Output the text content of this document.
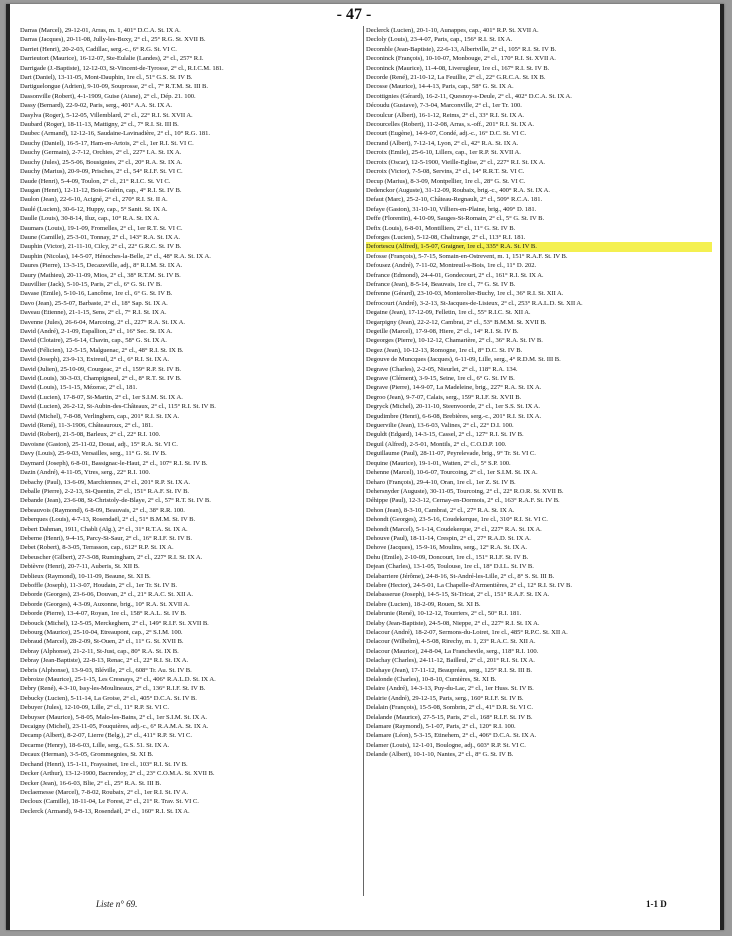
- 47 -
Darras (Marcel), 29-12-01, Arras, m. 1, 401° D.C.A. St. IX A.
Darras (Jacques), 20-11-08, Jully-les-Buxy, 2° cl., 25° R.G. St. XVII B.
Darriet (Henri), 20-2-03, Cadillac, serg.-c., 6° R.G. St. VI C.
Darrieutort (Maurice), 16-12-07, Ste-Eulalie (Landes), 2° cl., 257° R.I.
Darrigade (J.-Baptiste), 12-12-03, St-Vincent-de-Tyrosse, 2° cl., R.I.C.M. 181.
Dart (Daniel), 13-11-05, Mont-Dauphin, 1re cl., 51° G.S. St. IV B.
Dartiguelongue (Adrien), 9-10-09, Souprosse, 2° cl., 7° R.T.M. St. III B.
Dassonville (Robert), 4-1-1909, Guise (Aisne), 2° cl., Dép. 21. 100.
Dassy (Bernard), 22-9-02, Paris, serg., 401° A.A. St. IX A.
Dasylva (Roger), 5-12-05, Villemblard, 2° cl., 22° R.I. St. XVII A.
Daubard (Roger), 18-11-13, Mattigny, 2° cl., 7° R.I. St. III B.
Daubec (Armand), 12-12-16, Saudaine-Lavinadière, 2° cl., 10° R.G. 181.
Dauchy (Daniel), 16-5-17, Ham-en-Artois, 2° cl., 1er R.I. St. VI C.
Dauchy (Germain), 2-7-12, Orchies, 2° cl., 227° I.A. St. IX A.
Dauchy (Jules), 25-5-06, Bousignies, 2° cl., 20° R.A. St. IX A.
Dauchy (Marius), 20-9-09, Prisches, 2° cl., 54° R.I.F. St. VI C.
Daude (Henri), 5-4-09, Toulon, 2° cl., 21° R.I.C. St. VI C.
Daugan (Henri), 12-11-12, Bois-Guérin, cap., 4° R.I. St. IV B.
Daulon (Jean), 22-6-10, Acigné, 2° cl., 270° R.I. St. II A.
Daulé (Lucien), 30-6-12, Huppy, cap., 5° Sanit. St. IX A.
Daulle (Louis), 30-8-14, Iluz, cap., 10° R.A. St. IX A.
Daumars (Louis), 19-1-09, Fromelles, 2° cl., 1er R.T. St. VI C.
Daune (Camille), 25-3-01, Tonnay, 2° cl., 143° R.A. St. IX A.
Dauphin (Victor), 21-11-10, Cilcy, 2° cl., 22° G.R.C. St. IV B.
Dauphin (Nicolas), 14-5-07, Hénoches-la-Belle, 2° cl., 48° R.A. St. IX A.
Daures (Pierre), 13-3-15, Decazeville, adj., 8° R.I.M. St. IX A.
Daury (Mathieu), 20-11-09, Mios, 2° cl., 38° R.T.M. St. IV B.
Dauvillier (Jack), 5-10-15, Paris, 2° cl., 6° G. St. IV B.
Davase (Emile), 5-10-16, Lancôme, 1re cl., 6° G. St. IV B.
Davo (Jean), 25-5-07, Barbaste, 2° cl., 18° Sap. St. IX A.
Daveau (Etienne), 21-1-15, Sens, 2° cl., 7° R.I. St. IX A.
Davenne (Jules), 26-6-04, Marcoing, 2° cl., 227° R.A. St. IX A.
David (André), 2-1-09, Espallion, 2° cl., 16° Sec. St. IX A.
David (Clotaire), 25-6-14, Chavin, cap., 58° G. St. IX A.
David (Félicien), 12-5-15, Malguenac, 2° cl., 48° R.I. St. IX B.
David (Joseph), 23-9-13, Exireuil, 2° cl., 6° R.I. St. IX A.
David (Julien), 25-10-09, Courgeac, 2° cl., 159° R.P. St. IV B.
David (Louis), 30-3-03, Champigneul, 2° cl., 8° R.T. St. IV B.
David (Louis), 15-1-15, Mézerac, 2° cl., 181.
David (Lucien), 17-8-07, St-Martin, 2° cl., 1er S.I.M. St. IX A.
David (Lucien), 26-2-12, St-Aubin-des-Châteaux, 2° cl., 115° R.I. St. IV B.
David (Michel), 7-8-08, Verlinghem, cap., 201° R.I. St. IX A.
David (René), 11-3-1906, Châteauroux, 2° cl., 181.
David (Robert), 21-5-08, Barleux, 2° cl., 22° R.I. 100.
Davoisne (Gaston), 25-11-02, Douai, adj., 15° R.A. St. VI C.
Davy (Louis), 25-9-03, Versailles, serg., 11° G. St. IV B.
Daymard (Joseph), 6-8-01, Bassignac-le-Haut, 2° cl., 107° R.I. St. IV B.
Dazin (André), 4-11-05, Ytres, serg., 22° R.I. 100.
Debachy (Paul), 13-6-09, Marchiennes, 2° cl., 201° R.P. St. IX A.
Deballe (Pierre), 2-2-13, St-Quentin, 2° cl., 151° R.A.F. St. IV B.
Debande (Jean), 23-6-08, St-Christoly-de-Blaye, 2° cl., 57° R.T. St. IV B.
Debeauvois (Raymond), 6-8-09, Beauvais, 2° cl., 38° R.R. 100.
Deberques (Louis), 4-7-13, Rosendaël, 2° cl., 51° B.M.M. St. IV B.
Debert Dahman, 1911, Chabli (Alg.), 2° cl., 31° R.T.A. St. IX A.
Deberne (Henri), 9-4-15, Parcy-St-Saur, 2° cl., 16° R.I.F. St. IV B.
Debet (Robert), 8-3-05, Terrasson, cap., 612° R.P. St. IX A.
Debeuscher (Gilbert), 27-3-08, Rumingham, 2° cl., 227° R.I. St. IX A.
Debièvre (Henri), 20-7-11, Auberis, St. XII B.
Deblieux (Raymond), 10-11-09, Beaune, St. XI B.
Deboffle (Joseph), 11-3-07, Houdain, 2° cl., 1er Tr. St. IV B.
Deborde (Georges), 23-6-06, Douvan, 2° cl., 21° R.A.C. St. XII A.
Deborde (Georges), 4-3-09, Auxonne, brig., 10° R.A. St. XVII A.
Deborde (Pierre), 13-4-07, Royan, 1re cl., 158° R.A.L. St. IV B.
Debouck (Michel), 12-5-05, Merckeghem, 2° cl., 149° R.I.F. St. XVII B.
Debourg (Maurice), 25-10-04, Etreaupont, cap., 2° S.I.M. 100.
Debraud (Marcel), 28-2-09, St-Ouen, 2° cl., 11° G. St. XVII B.
Debray (Alphonse), 21-2-11, St-Just, cap., 80° R.A. St. IX B.
Debray (Jean-Baptiste), 22-8-13, Renac, 2° cl., 22° R.I. St. IX A.
Debris (Alphonse), 13-9-03, Bléville, 2° cl., 608° Tr. Au. St. IV B.
Debroize (Maurice), 25-1-15, Les Cresnays, 2° cl., 406° R.A.L.D. St. IX A.
Debry (René), 4-3-10, Issy-les-Moulineaux, 2° cl., 136° R.I.F. St. IV B.
Debucky (Lucien), 5-11-14, La Groise, 2° cl., 405° D.C.A. St. IV B.
Debuyer (Jules), 12-10-09, Lille, 2° cl., 11° R.P. St. VI C.
Debuyser (Maurice), 5-8-05, Malo-les-Bains, 2° cl., 1er S.I.M. St. IX A.
Decaigny (Michel), 23-11-05, Fouquières, adj.-c., 6° R.A.M.A. St. IX A.
Decamp (Albert), 8-2-07, Lierre (Belg.), 2° cl., 411° R.P. St. VI C.
Decarme (Henry), 18-6-03, Lille, serg., G.S. 51. St. IX A.
Decaux (Herman), 3-5-05, Grommegnies, St. XI B.
Dechand (Henri), 15-1-11, Frayssinet, 1re cl., 103° R.I. St. IV B.
Decker (Arthur), 13-12-1900, Bacrendoy, 2° cl., 23° C.O.M.A. St. XVII B.
Decker (Jean), 16-6-03, Blie, 2° cl., 25° R.A. St. III B.
Declaemesse (Marcel), 7-8-02, Roubaix, 2° cl., 1er R.I. St. IV A.
Decloux (Camille), 18-11-04, Le Forest, 2° cl., 21° R. Trav. St. VI C.
Declerck (Armand), 9-8-13, Rosendaël, 2° cl., 160° R.I. St. IX A.
Declerck (Lucien), 20-1-10, Aunappes, cap., 401° R.P. St. XVII A.
Decloly (Louis), 23-4-07, Paris, cap., 156° R.I. St. IX A.
Decomble (Jean-Baptiste), 22-6-13, Albertville, 2° cl., 105° R.I. St. IV B.
Deconinck (François), 10-10-07, Monbouge, 2° cl., 170° R.I. St. XVII A.
Deconinck (Maurice), 11-4-08, Liverugleur, 1re cl., 167° R.I. St. IV B.
Decorde (René), 21-10-12, La Feuillie, 2° cl., 22° G.R.C.A. St. IX B.
Decosse (Maurice), 14-4-13, Paris, cap., 58° G. St. IX A.
Decottignies (Gérard), 16-2-11, Quesnoy-s-Deule, 2° cl., 402° D.C.A. St. IX A.
Découdu (Gustave), 7-3-04, Marconville, 2° cl., 1er Tr. 100.
Decoulcur (Albert), 16-1-12, Reims, 2° cl., 33° R.I. St. IX A.
Decourcelles (Robert), 11-2-08, Arras, s.-off., 201° R.I. St. IX A.
Decourt (Eugène), 14-9-07, Condé, adj.-c., 16° D.C. St. VI C.
Decrand (Albert), 7-12-14, Lyon, 2° cl., 42° R.A. St. IX A.
Decroix (Emile), 25-6-10, Lillers, cap., 1er R.P. St. XVII A.
Decroix (Oscar), 12-5-1900, Vieille-Eglise, 2° cl., 227° R.I. St. IX A.
Decroix (Victor), 7-5-08, Servins, 2° cl., 14° R.R.T. St. VI C.
Decup (Marius), 8-3-09, Montpellier, 1re cl., 28° G. St. VI C.
Dedenckor (Auguste), 31-12-09, Roubaix, brig.-c., 400° R.A. St. IX A.
Defaut (Marc), 25-2-10, Château-Regnault, 2° cl., 509° R.C.A. 181.
Defaye (Gaston), 31-10-10, Villiers-en-Plaine, brig., 409° D. 181.
Deffe (Florentin), 4-10-09, Sauges-St-Romain, 2° cl., 5° G. St. IV B.
Defix (Louis), 6-8-01, Montilliers, 2° cl., 11° G. St. IV B.
Deforges (Lucien), 5-12-08, Chaltrange, 2° cl., 113° R.I. 181.
Defortescu (Alfred), 1-5-07, Graigner, 1re cl., 335° R.A. St. IV B.
Defosse (François), 5-7-15, Somain-en-Ostrevent, m. 1, 151° R.A.F. St. IV B.
Defousez (André), 7-11-02, Montreuil-s-Bois, 1re cl., 11° D. 202.
Defrance (Edmond), 24-4-01, Gondecourt, 2° cl., 161° R.I. St. IX A.
Defrance (Jean), 8-5-14, Beauvais, 1re cl., 7° G. St. IV B.
Defrenne (Gérard), 23-10-03, Monterolier-Buchy, 1re cl., 36° R.I. St. XII A.
Defrocourt (André), 3-2-13, St-Jacques-de-Lisieux, 2° cl., 253° R.A.L.D. St. XII A.
Degaine (Jean), 17-12-09, Felletin, 1re cl., 55° R.I.C. St. XII A.
Degarpigny (Jean), 22-2-12, Cambrai, 2° cl., 53° B.M.M. St. XVII B.
Degeille (Marcel), 17-9-08, Hiere, 2° cl., 14° R.I. St. IV B.
Degeorges (Pierre), 10-12-12, Chamarière, 2° cl., 36° R.A. St. IV B.
Degez (Jean), 10-12-13, Romogne, 1re cl., 8° D.C. St. IV B.
Degouve de Muncques (Jacques), 6-11-09, Lille, serg., 4° R.D.M. St. III B.
Degrave (Charles), 2-2-05, Nieurlet, 2° cl., 118° R.A. 134.
Degrave (Clément), 3-9-15, Seine, 1re cl., 6° G. St. IV B.
Degrave (Pierre), 14-9-07, La Madeleine, brig., 227° R.A. St. IX A.
Degroo (Jean), 9-7-07, Calais, serg., 159° R.I.F. St. XVII B.
Degryck (Michel), 20-11-10, Steenvoorde, 2° cl., 1er S.S. St. IX A.
Degudimbre (Henri), 6-6-08, Brebières, serg.-c., 201° R.I. St. IX A.
Deguervilie (Jean), 13-6-03, Valines, 2° cl., 22° D.I. 100.
Deguldt (Edgard), 14-3-15, Cassel, 2° cl., 127° R.I. St. IV B.
Deguil (Alfred), 2-5-01, Montils, 2° cl., C.O.D.P. 100.
Deguillaume (Paul), 28-11-07, Peyrelevade, brig., 9° Tr. St. VI C.
Dequine (Maurice), 19-1-01, Watten, 2° cl., 5° S.P. 100.
Dehenne (Marcel), 10-6-07, Tourcoing, 2° cl., 1er S.I.M. St. IX A.
Deharo (François), 29-4-10, Oran, 1re cl., 1er Z. St. IV B.
Dehersnyder (Auguste), 30-11-05, Tourcoing, 2° cl., 22° R.O.R. St. XVII B.
Déhippe (Paul), 12-3-12, Cernay-en-Dormois, 2° cl., 163° R.A.F. St. IV B.
Dehon (Jean), 8-3-10, Cambrai, 2° cl., 27° R.A. St. IX A.
Dehondt (Georges), 23-5-16, Coudekerque, 1re cl., 310° R.I. St. VI C.
Dehondt (Marcel), 5-1-14, Coudekerque, 2° cl., 227° R.A. St. IX A.
Dehouve (Paul), 18-11-14, Crespin, 2° cl., 27° R.A.D. St. IX A.
Dehove (Jacques), 15-9-16, Moulins, serg., 12° R.A. St. IX A.
Dehu (Emile), 2-10-09, Doncourt, 1re cl., 151° R.I.F. St. IV B.
Dejean (Charles), 13-1-05, Toulouse, 1re cl., 18° D.I.L. St. IV B.
Delabarriere (Jérôme), 24-8-16, St-André-les-Lille, 2° cl., 8° S. St. III B.
Delabre (Hector), 24-5-01, La Chapelle-d'Armentières, 2° cl., 12° R.I. St. IV B.
Delabasserue (Joseph), 14-5-15, St-Tricat, 2° cl., 151° R.A.F. St. IX A.
Delabre (Lucien), 18-2-09, Rouen, St. XI B.
Delabrunie (René), 10-12-12, Tourriers, 2° cl., 50° R.I. 181.
Delaby (Jean-Baptiste), 24-5-08, Nieppe, 2° cl., 227° R.I. St. IX A.
Delacour (André), 18-2-07, Sermons-du-Loiret, 1re cl., 485° R.P.C. St. XII A.
Delacour (Wilhelm), 4-5-08, Rirechy, m. 1, 23° R.A.C. St. XII A.
Delacour (Maurice), 24-8-04, La Franchevile, serg., 118° R.I. 100.
Delachay (Charles), 24-11-12, Bailleul, 2° cl., 201° R.I. St. IX A.
Delahaye (Jean), 17-11-12, Beaupréau, serg., 125° R.I. St. III B.
Delalonde (Charles), 10-8-10, Cumières, St. XI B.
Delaire (André), 14-3-13, Puy-du-Lac, 2° cl., 1er Huss. St. IV B.
Delairie (André), 29-12-15, Paris, serg., 160° R.I.F. St. IV B.
Delalain (François), 15-5-08, Sombrin, 2° cl., 41° D.R. St. VI C.
Delalande (Maurice), 27-5-15, Paris, 2° cl., 168° R.I.F. St. IV B.
Delamare (Raymond), 5-1-07, Paris, 2° cl., 120° R.I. 100.
Delamare (Léon), 5-3-15, Etinehem, 2° cl., 406° D.C.A. St. IX A.
Delamer (Louis), 12-1-01, Boulogne, adj., 603° R.P. St. VI C.
Delande (Albert), 10-1-10, Nantes, 2° cl., 8° G. St. IV B.
Liste n° 69.	1-1 D
